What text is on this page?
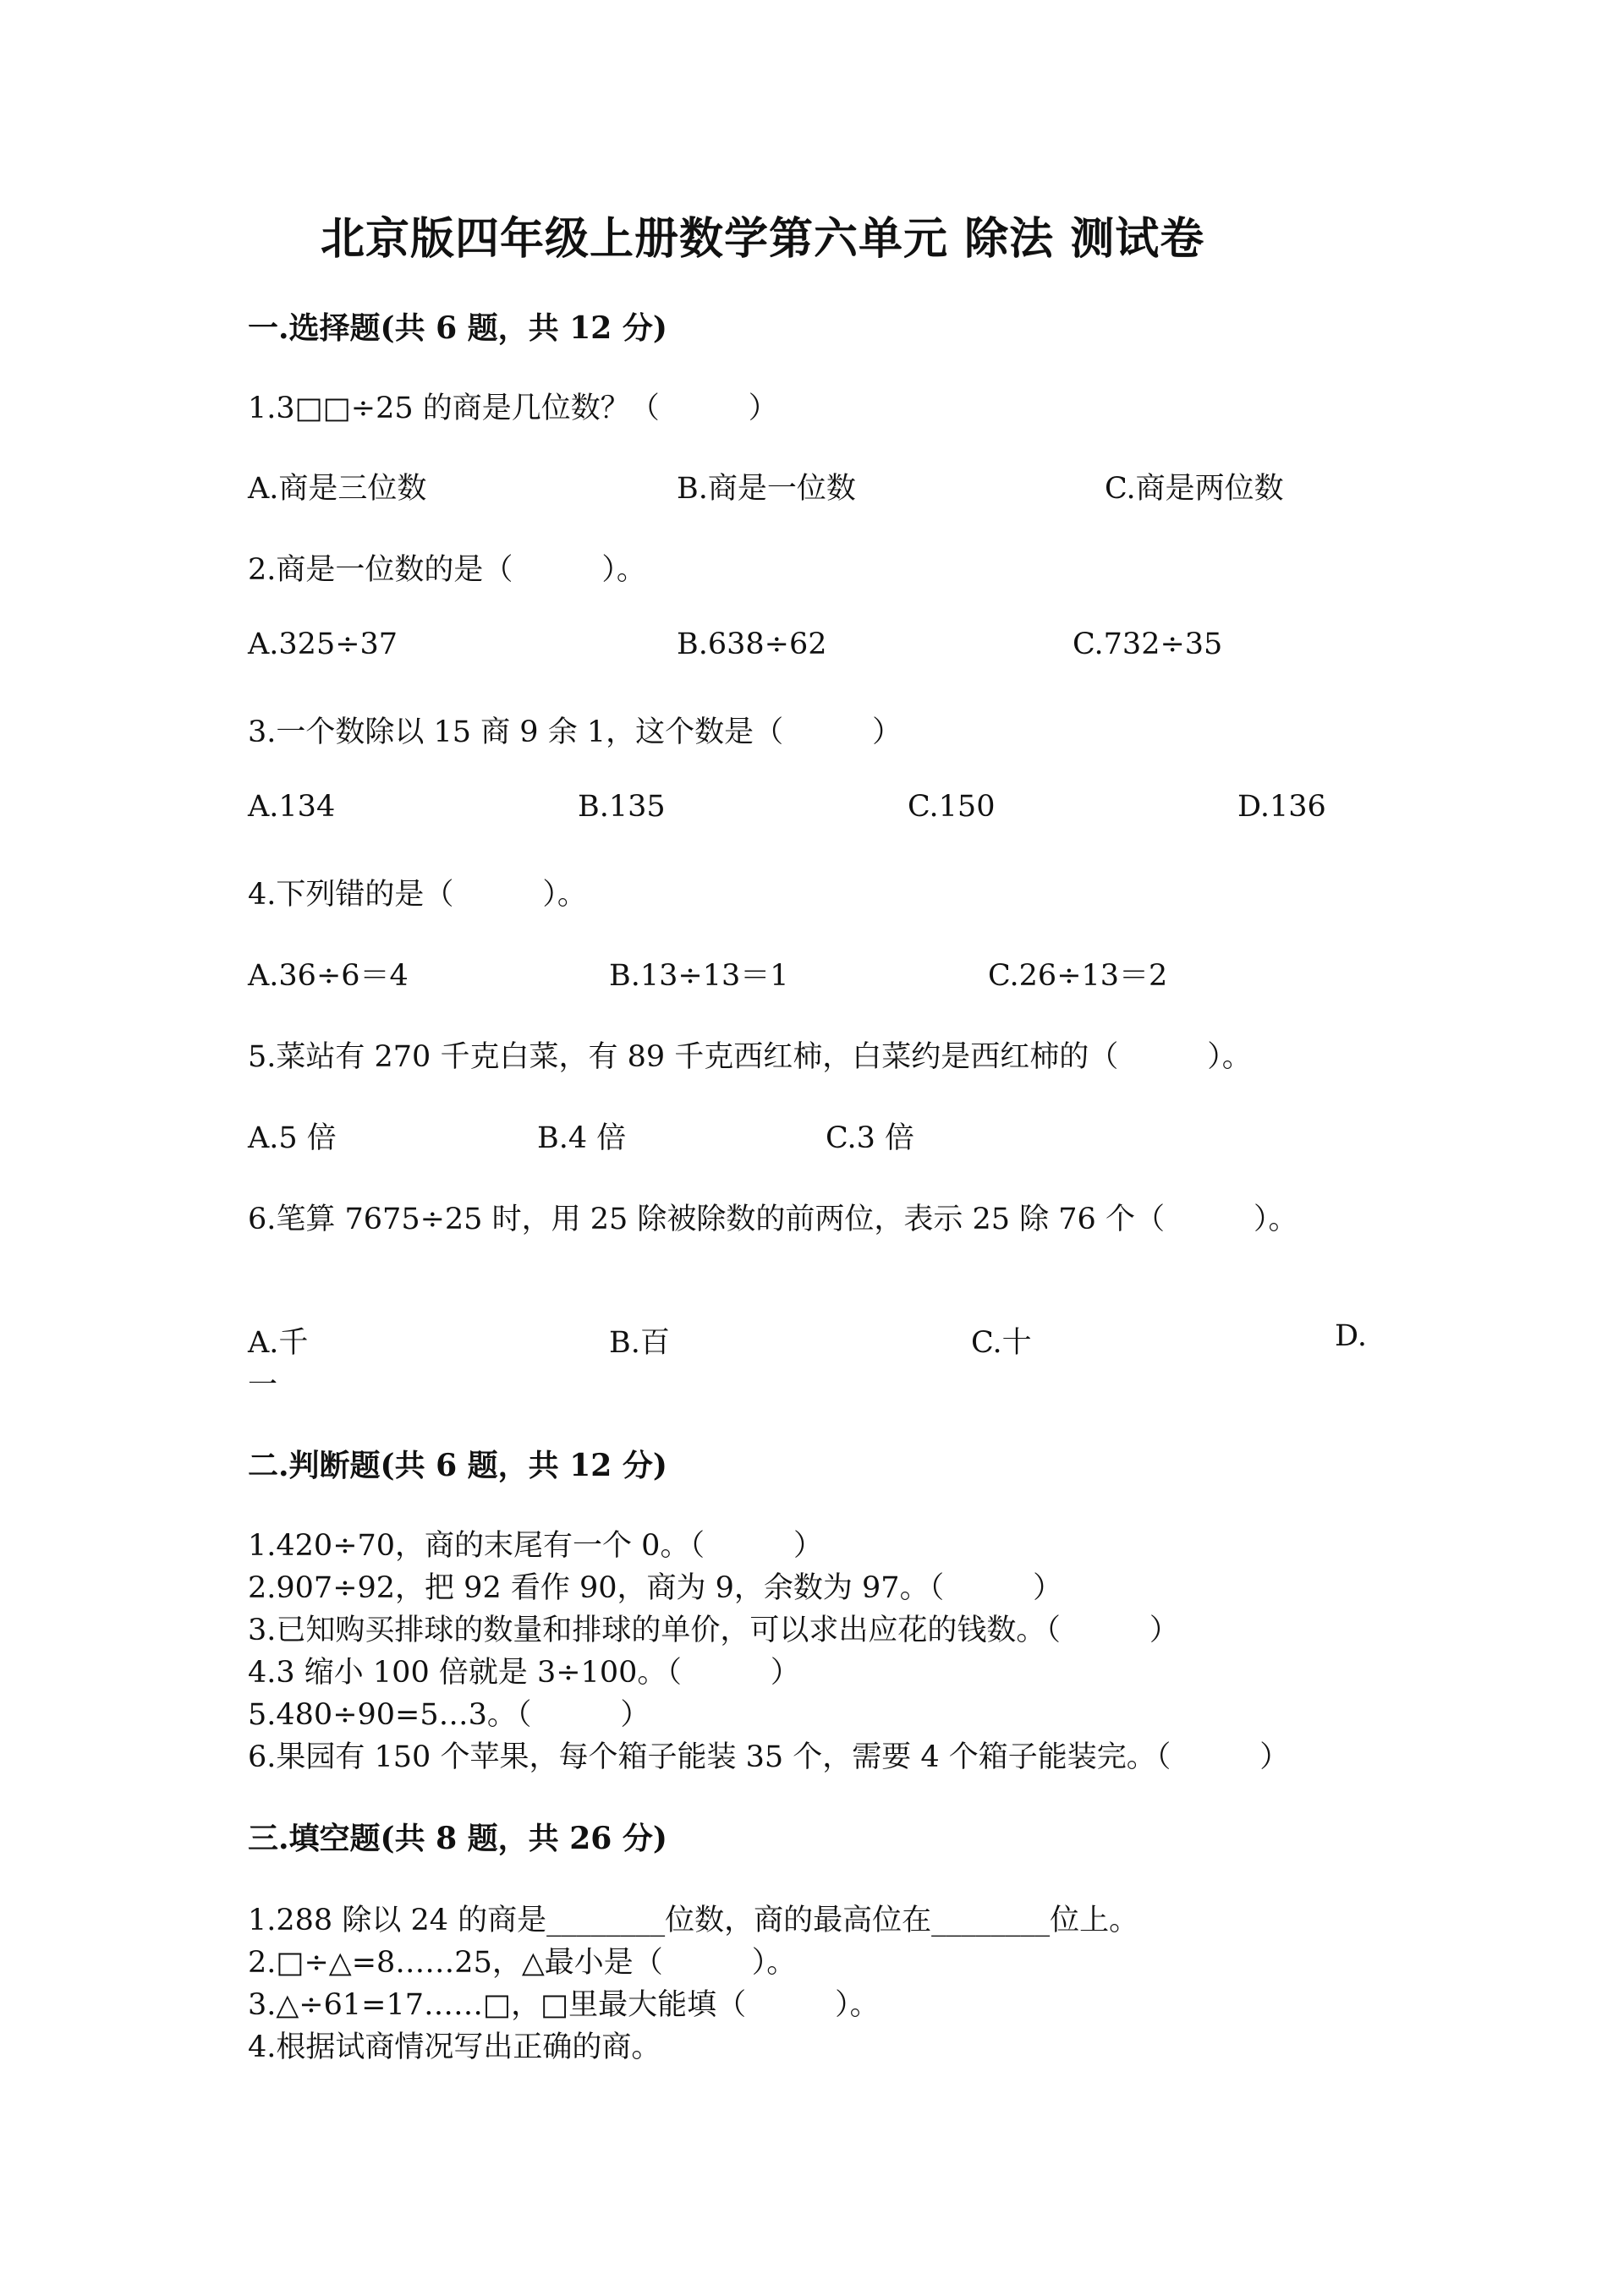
北京版四年级上册数学第六单元 除法 测试卷
一.选择题(共 6 题，共 12 分)
1.3□□÷25 的商是几位数？（　　　）
A.商是三位数	B.商是一位数	C.商是两位数
2.商是一位数的是（　　　）。
A.325÷37	B.638÷62	C.732÷35
3.一个数除以 15 商 9 余 1，这个数是（　　　）
A.134	B.135	C.150	D.136
4.下列错的是（　　　）。
A.36÷6＝4	B.13÷13＝1	C.26÷13＝2
5.菜站有 270 千克白菜，有 89 千克西红柿，白菜约是西红柿的（　　　）。
A.5 倍	B.4 倍	C.3 倍
6.笔算 7675÷25 时，用 25 除被除数的前两位，表示 25 除 76 个（　　　）。
A.千	B.百	C.十	D.
一
二.判断题(共 6 题，共 12 分)
1.420÷70，商的末尾有一个 0。（　　　）
2.907÷92，把 92 看作 90，商为 9，余数为 97。（　　　）
3.已知购买排球的数量和排球的单价，可以求出应花的钱数。（　　　）
4.3 缩小 100 倍就是 3÷100。（　　　）
5.480÷90=5…3。（　　　）
6.果园有 150 个苹果，每个箱子能装 35 个，需要 4 个箱子能装完。（　　　）
三.填空题(共 8 题，共 26 分)
1.288 除以 24 的商是________位数，商的最高位在________位上。
2.□÷△=8……25，△最小是（　　　）。
3.△÷61=17……□，□里最大能填（　　　）。
4.根据试商情况写出正确的商。
